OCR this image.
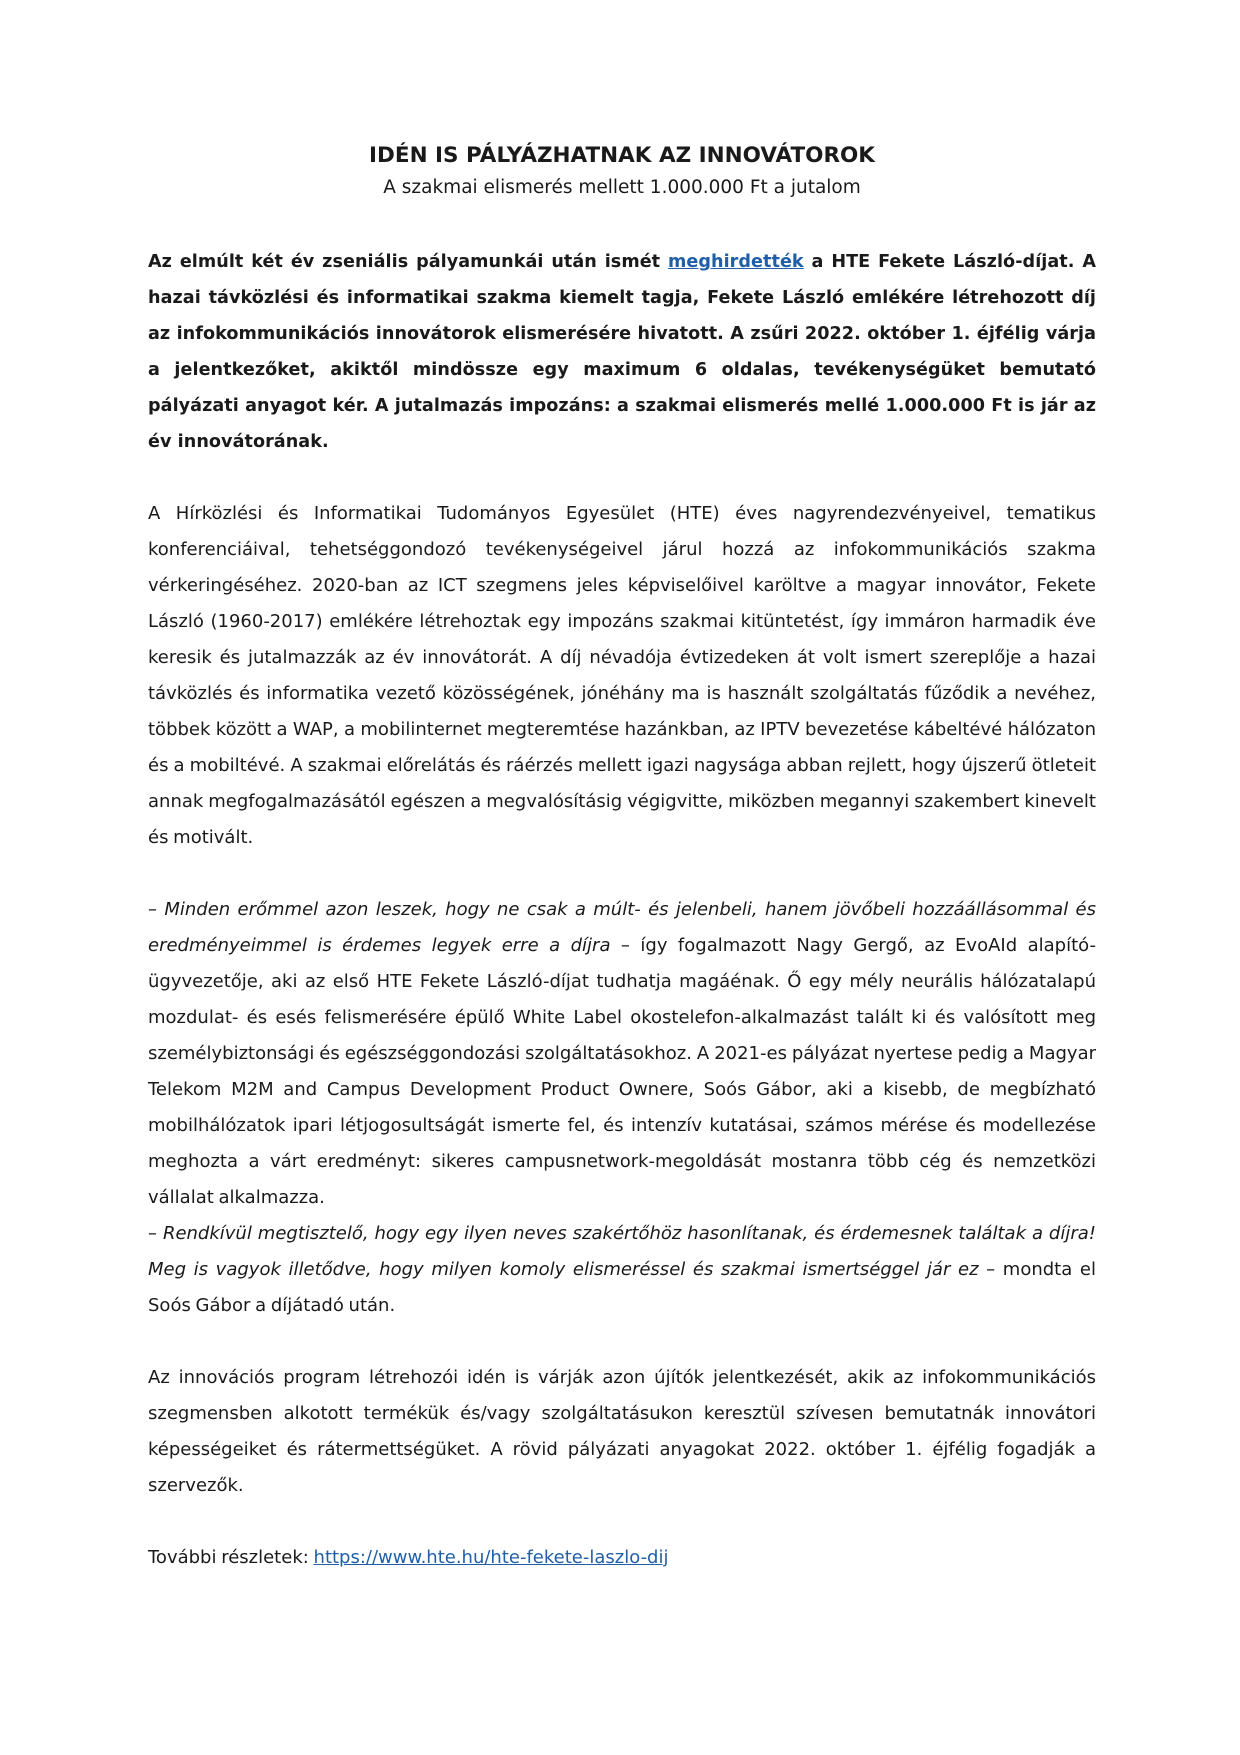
IDÉN IS PÁLYÁZHATNAK AZ INNOVÁTOROK
A szakmai elismerés mellett 1.000.000 Ft a jutalom

Az elmúlt két év zseniális pályamunkái után ismét meghirdették a HTE Fekete László-díjat. A hazai távközlési és informatikai szakma kiemelt tagja, Fekete László emlékére létrehozott díj az infokommunikációs innovátorok elismerésére hivatott. A zsűri 2022. október 1. éjfélig várja a jelentkezőket, akiktől mindössze egy maximum 6 oldalas, tevékenységüket bemutató pályázati anyagot kér. A jutalmazás impozáns: a szakmai elismerés mellé 1.000.000 Ft is jár az év innovátorának.

A Hírközlési és Informatikai Tudományos Egyesület (HTE) éves nagyrendezvényeivel, tematikus konferenciáival, tehetséggondozó tevékenységeivel járul hozzá az infokommunikációs szakma vérkeringéséhez. 2020-ban az ICT szegmens jeles képviselőivel karöltve a magyar innovátor, Fekete László (1960-2017) emlékére létrehoztak egy impozáns szakmai kitüntetést, így immáron harmadik éve keresik és jutalmazzák az év innovátorát. A díj névadója évtizedeken át volt ismert szereplője a hazai távközlés és informatika vezető közösségének, jónéhány ma is használt szolgáltatás fűződik a nevéhez, többek között a WAP, a mobilinternet megteremtése hazánkban, az IPTV bevezetése kábeltévé hálózaton és a mobiltévé. A szakmai előrelátás és ráérzés mellett igazi nagysága abban rejlett, hogy újszerű ötleteit annak megfogalmazásától egészen a megvalósításig végigvitte, miközben megannyi szakembert kinevelt és motivált.

– Minden erőmmel azon leszek, hogy ne csak a múlt- és jelenbeli, hanem jövőbeli hozzáállásommal és eredményeimmel is érdemes legyek erre a díjra – így fogalmazott Nagy Gergő, az EvoAId alapító-ügyvezetője, aki az első HTE Fekete László-díjat tudhatja magáénak. Ő egy mély neurális hálózatalapú mozdulat- és esés felismerésére épülő White Label okostelefon-alkalmazást talált ki és valósított meg személybiztonsági és egészséggondozási szolgáltatásokhoz. A 2021-es pályázat nyertese pedig a Magyar Telekom M2M and Campus Development Product Ownere, Soós Gábor, aki a kisebb, de megbízható mobilhálózatok ipari létjogosultságát ismerte fel, és intenzív kutatásai, számos mérése és modellezése meghozta a várt eredményt: sikeres campusnetwork-megoldását mostanra több cég és nemzetközi vállalat alkalmazza.

– Rendkívül megtisztelő, hogy egy ilyen neves szakértőhöz hasonlítanak, és érdemesnek találtak a díjra! Meg is vagyok illetődve, hogy milyen komoly elismeréssel és szakmai ismertséggel jár ez – mondta el Soós Gábor a díjátadó után.

Az innovációs program létrehozói idén is várják azon újítók jelentkezését, akik az infokommunikációs szegmensben alkotott termékük és/vagy szolgáltatásukon keresztül szívesen bemutatnák innovátori képességeiket és rátermettségüket. A rövid pályázati anyagokat 2022. október 1. éjfélig fogadják a szervezők.

További részletek: https://www.hte.hu/hte-fekete-laszlo-dij
